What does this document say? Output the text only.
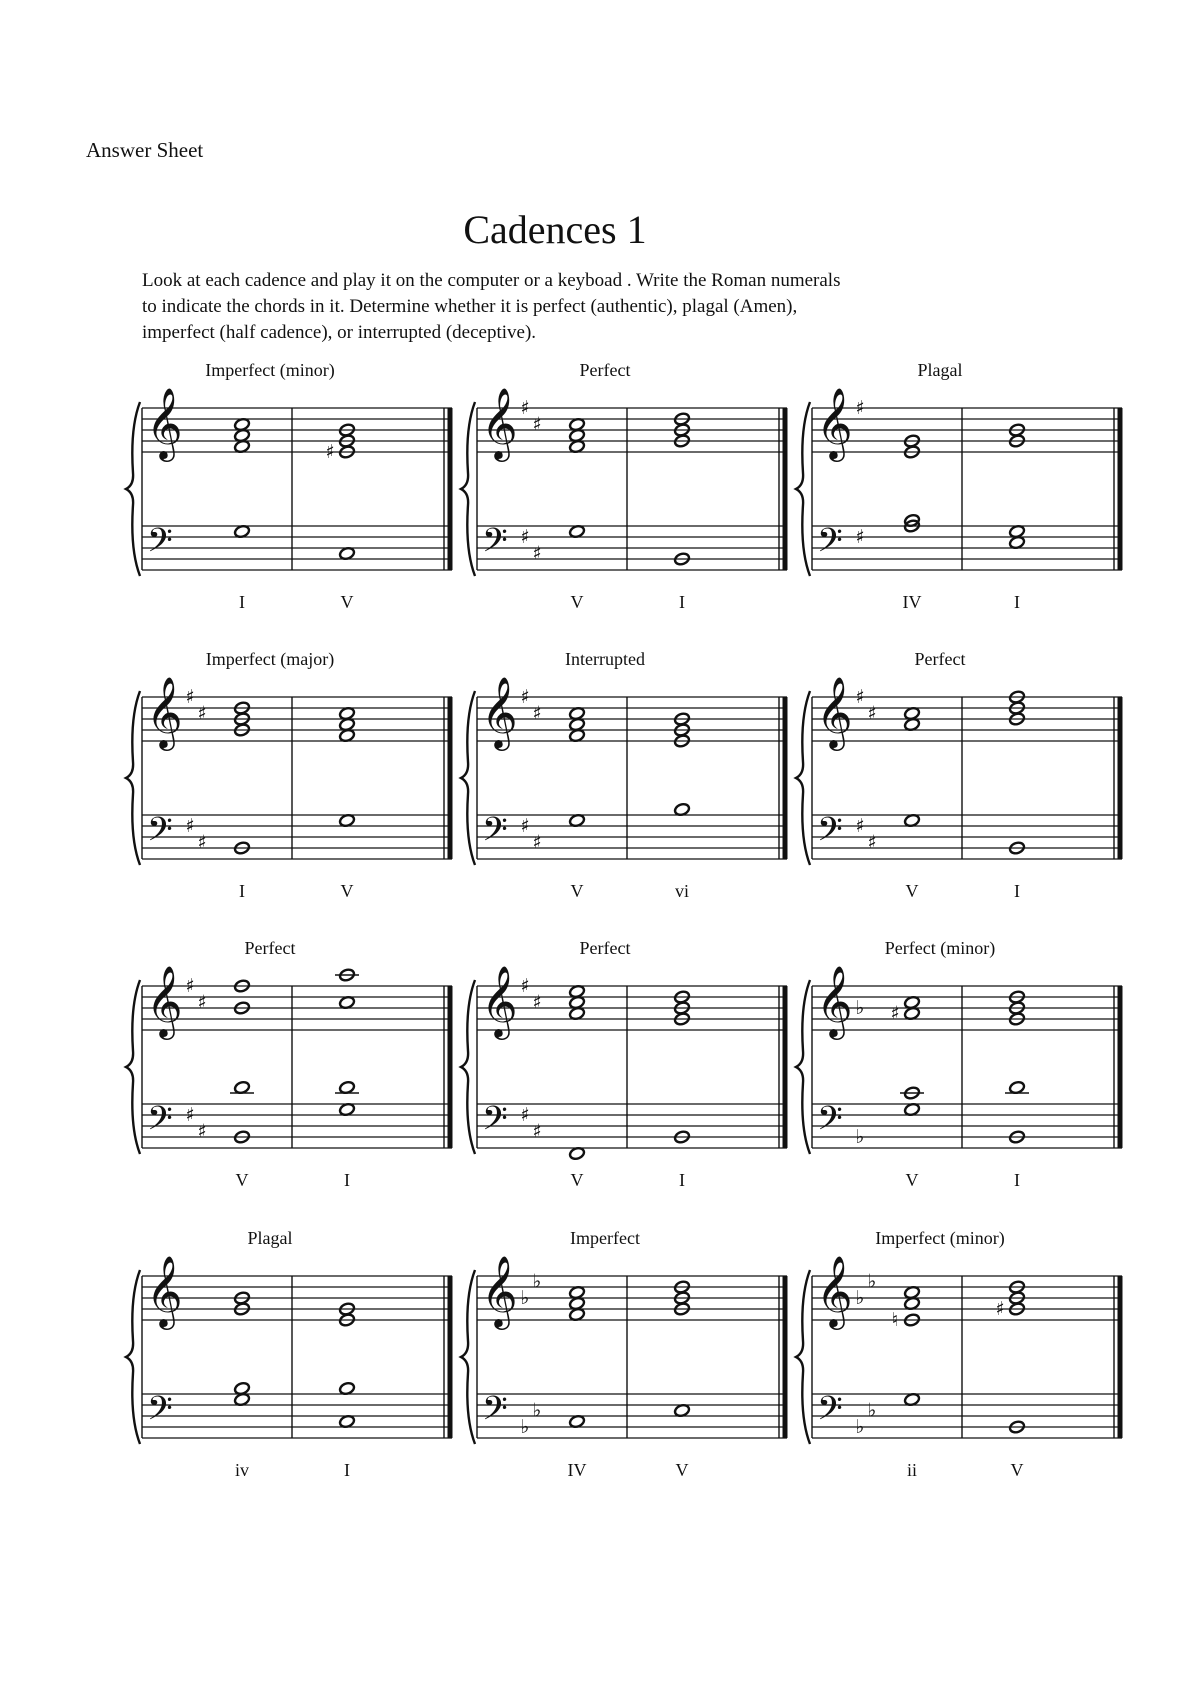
Answer Sheet
Cadences 1
Look at each cadence and play it on the computer or a keyboad . Write the Roman numerals
to indicate the chords in it. Determine whether it is perfect (authentic), plagal (Amen),
imperfect (half cadence), or interrupted (deceptive).
Imperfect (minor)
𝄞
𝄢
I
♯
V
Perfect
𝄞
𝄢
♯
♯
♯
♯
V	I
Plagal
𝄞
𝄢
♯
♯
IV	I
Imperfect (major)
𝄞
𝄢
♯
♯
♯
♯
I	V
Interrupted
𝄞
𝄢
♯
♯
♯
♯
V	vi
Perfect
𝄞
𝄢
♯
♯
♯
♯
V	I
Perfect
𝄞
𝄢
♯
♯
♯
♯
V	I
Perfect
𝄞
𝄢
♯
♯
♯
♯
V	I
Perfect (minor)
𝄞
𝄢
♭
♭
♯
V	I
Plagal
𝄞
𝄢
iv	I
Imperfect
𝄞
𝄢
♭
♭
♭
♭
IV	V
Imperfect (minor)
𝄞
𝄢
♭
♭
♭
♭
♮
ii
♯
V
